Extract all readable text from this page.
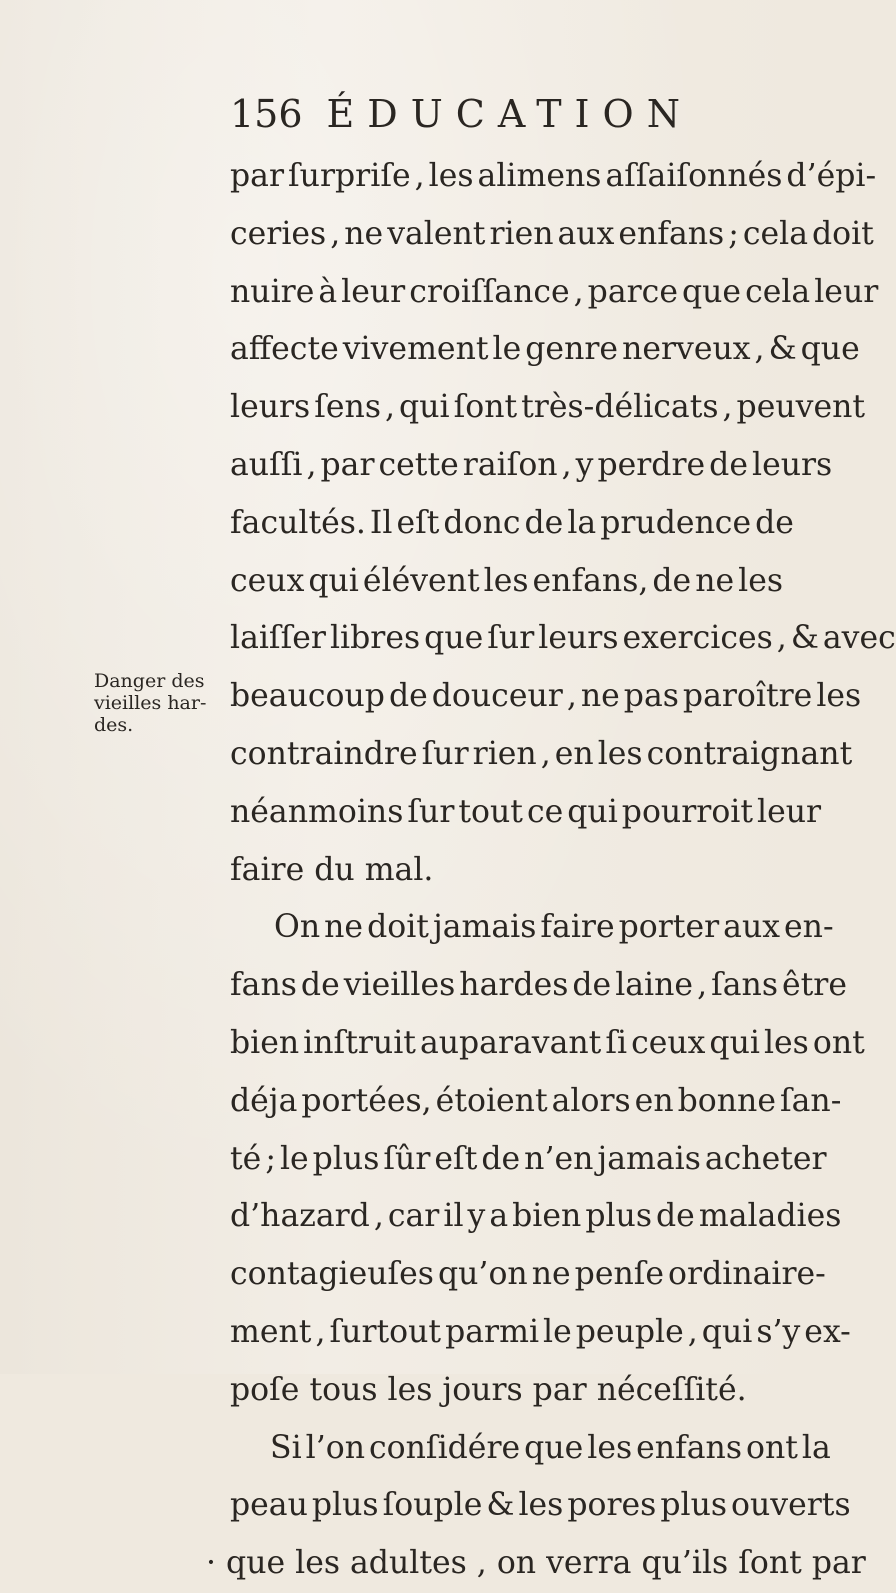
156 ÉDUCATION
Danger des
vieilles har-
des.
par ſurpriſe , les alimens aſſaiſonnés d’épi-
ceries , ne valent rien aux enfans ; cela doit
nuire à leur croiſſance , parce que cela leur
affecte vivement le genre nerveux , & que
leurs ſens , qui ſont très-délicats , peuvent
auſſi , par cette raiſon , y perdre de leurs
facultés. Il eſt donc de la prudence de
ceux qui élévent les enfans, de ne les
laiſſer libres que ſur leurs exercices , & avec
beaucoup de douceur , ne pas paroître les
contraindre ſur rien , en les contraignant
néanmoins ſur tout ce qui pourroit leur
faire du mal.
On ne doit jamais faire porter aux en-
fans de vieilles hardes de laine , ſans être
bien inſtruit auparavant ſi ceux qui les ont
déja portées, étoient alors en bonne ſan-
té ; le plus ſûr eſt de n’en jamais acheter
d’hazard , car il y a bien plus de maladies
contagieuſes qu’on ne penſe ordinaire-
ment , ſurtout parmi le peuple , qui s’y ex-
poſe tous les jours par néceſſité.
Si l’on conſidére que les enfans ont la
peau plus ſouple & les pores plus ouverts
· que les adultes , on verra qu’ils ſont par
